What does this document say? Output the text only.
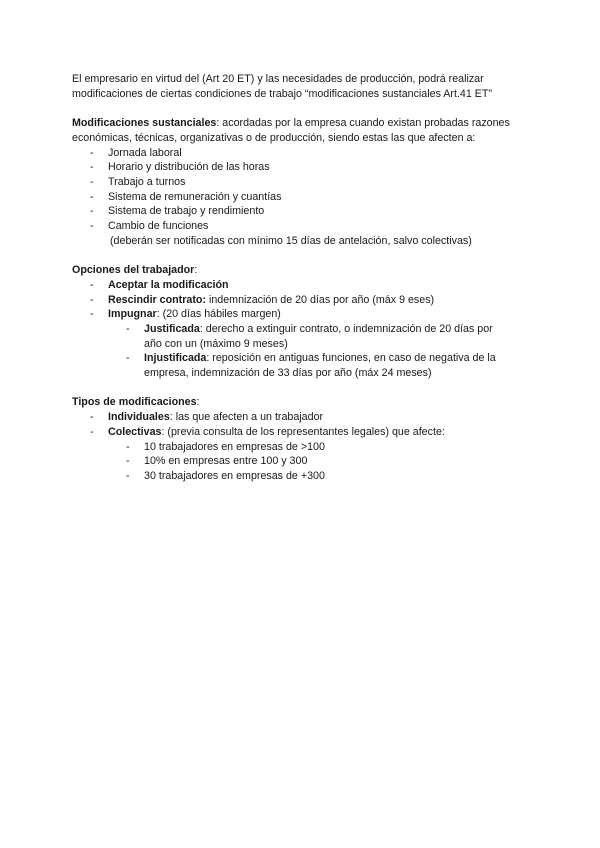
El empresario en virtud del (Art 20 ET) y las necesidades de producción, podrá realizar

modificaciones de ciertas condiciones de trabajo “modificaciones sustanciales Art.41 ET”

Modificaciones sustanciales: acordadas por la empresa cuando existan probadas razones

económicas, técnicas, organizativas o de producción, siendo estas las que afecten a:

- Jornada laboral
- Horario y distribución de las horas
- Trabajo a turnos
- Sistema de remuneración y cuantías
- Sistema de trabajo y rendimiento
- Cambio de funciones

(deberán ser notificadas con mínimo 15 días de antelación, salvo colectivas)

Opciones del trabajador:

- Aceptar la modificación
- Rescindir contrato: indemnización de 20 días por año (máx 9 eses)
- Impugnar: (20 días hábiles margen)
- Justificada: derecho a extinguir contrato, o indemnización de 20 días por
año con un (máximo 9 meses)
- Injustificada: reposición en antiguas funciones, en caso de negativa de la
empresa, indemnización de 33 días por año (máx 24 meses)

Tipos de modificaciones:

- Individuales: las que afecten a un trabajador
- Colectivas: (previa consulta de los representantes legales) que afecte:
- 10 trabajadores en empresas de >100
- 10% en empresas entre 100 y 300
- 30 trabajadores en empresas de +300
